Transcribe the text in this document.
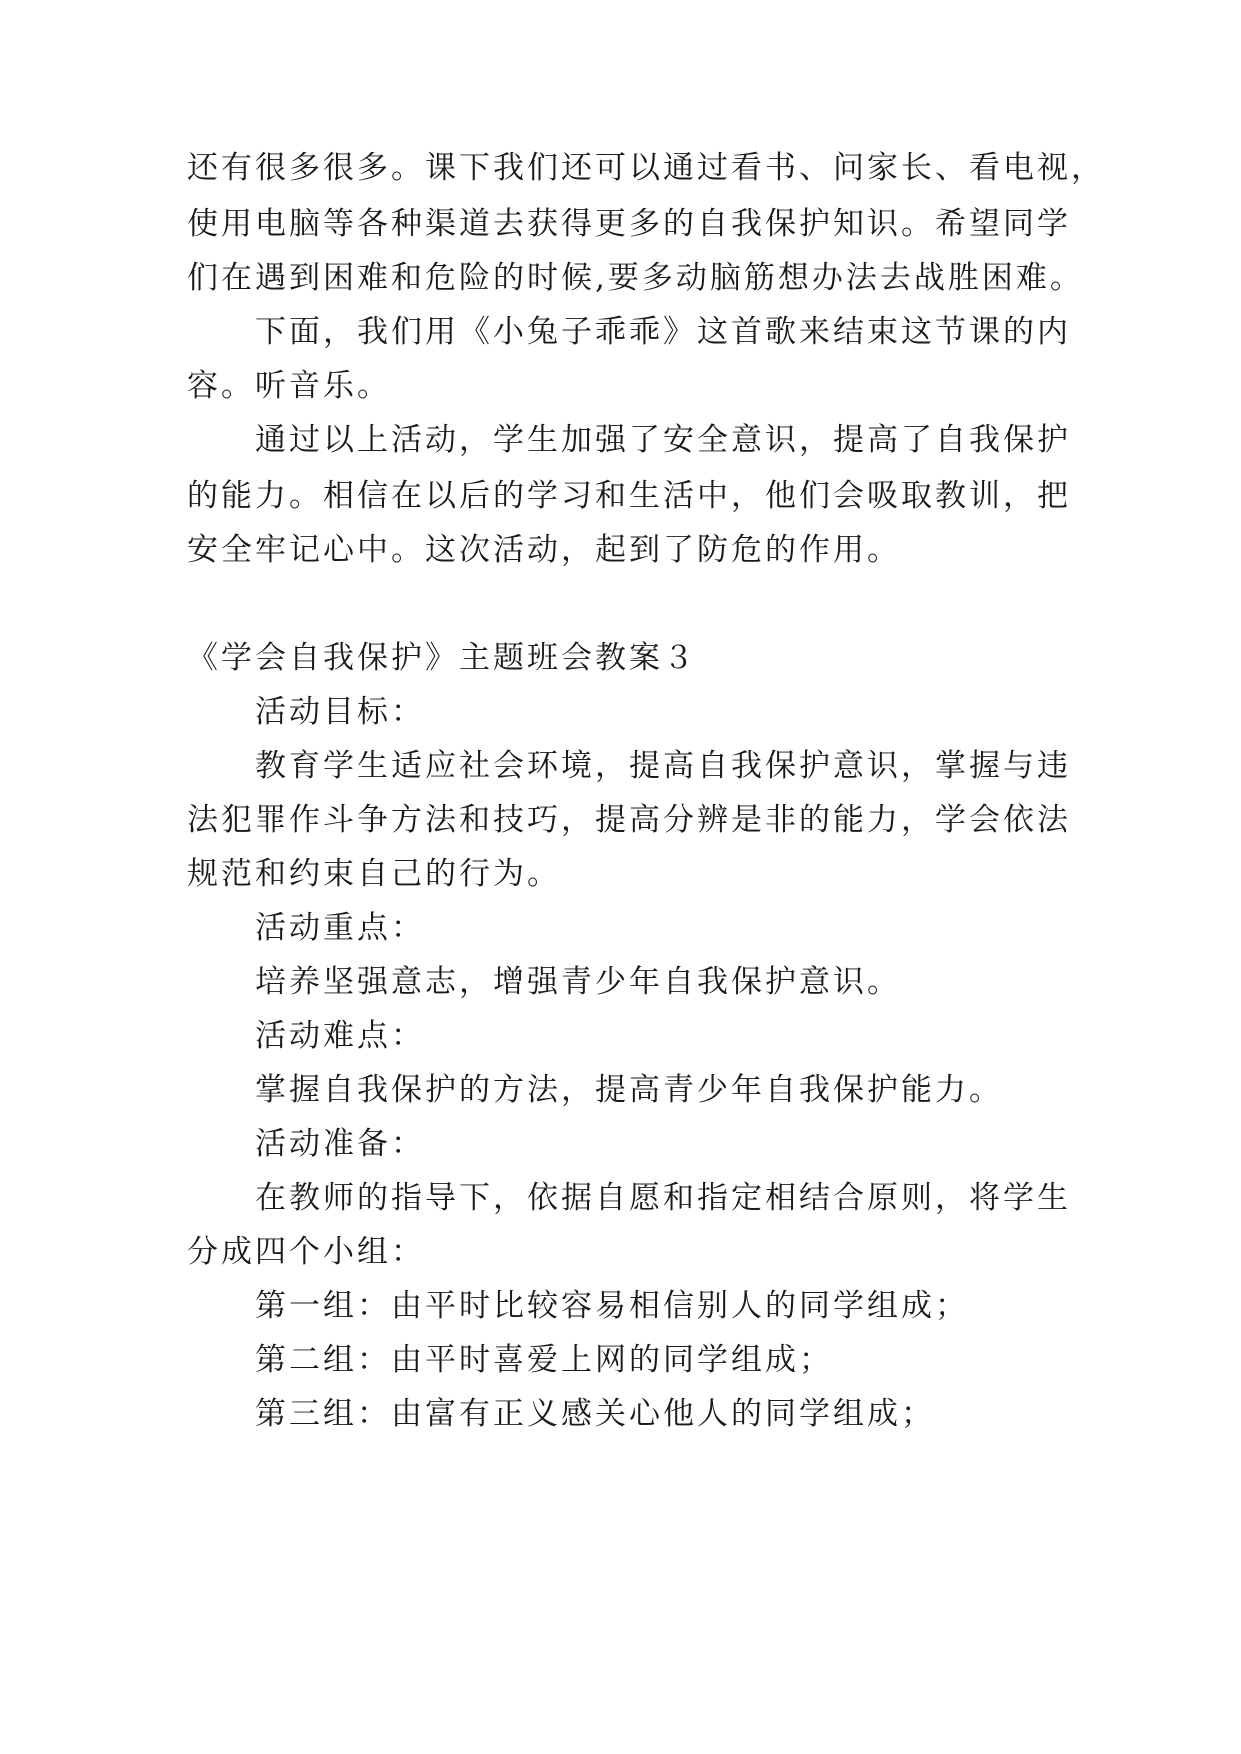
还有很多很多。课下我们还可以通过看书、问家长、看电视，
使用电脑等各种渠道去获得更多的自我保护知识。希望同学
们在遇到困难和危险的时候,要多动脑筋想办法去战胜困难。
下面，我们用《小兔子乖乖》这首歌来结束这节课的内
容。听音乐。
通过以上活动，学生加强了安全意识，提高了自我保护
的能力。相信在以后的学习和生活中，他们会吸取教训，把
安全牢记心中。这次活动，起到了防危的作用。
《学会自我保护》主题班会教案３
活动目标：
教育学生适应社会环境，提高自我保护意识，掌握与违
法犯罪作斗争方法和技巧，提高分辨是非的能力，学会依法
规范和约束自己的行为。
活动重点：
培养坚强意志，增强青少年自我保护意识。
活动难点：
掌握自我保护的方法，提高青少年自我保护能力。
活动准备：
在教师的指导下，依据自愿和指定相结合原则，将学生
分成四个小组：
第一组：由平时比较容易相信别人的同学组成；
第二组：由平时喜爱上网的同学组成；
第三组：由富有正义感关心他人的同学组成；
